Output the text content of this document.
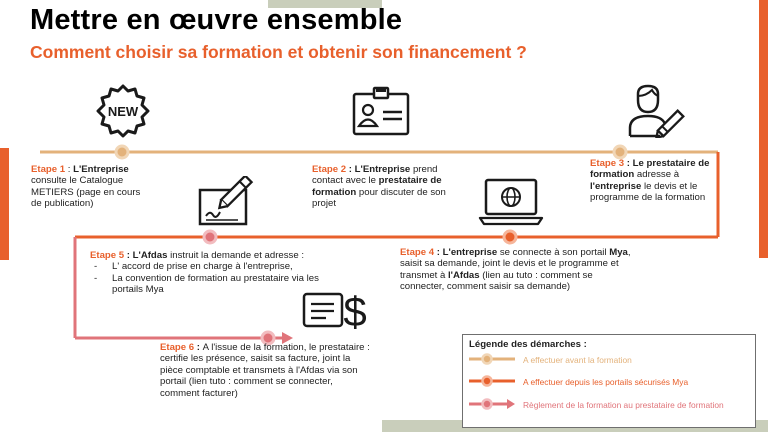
Mettre en œuvre ensemble
Comment choisir sa formation et obtenir son financement ?
NEW
$
Etape 1 : L'Entreprise consulte le Catalogue METIERS (page en cours de publication)
Etape 2 : L'Entreprise prend contact avec le prestataire de formation pour discuter de son projet
Etape 3 : Le prestataire de formation adresse à l'entreprise le devis et le programme de la formation
Etape 4 : L'entreprise se connecte à son portail Mya, saisit sa demande, joint le devis et le programme et transmet à l'Afdas (lien au tuto : comment se connecter, comment saisir sa demande)
Etape 5 : L'Afdas instruit la demande et adresse :
- L' accord de prise en charge à l'entreprise,
- La convention de formation au prestataire via les portails Mya
Etape 6 : A l'issue de la formation, le prestataire : certifie les présence, saisit sa facture, joint la pièce comptable et transmets à l'Afdas via son portail (lien tuto : comment se connecter, comment facturer)
Légende des démarches :
A effectuer avant la formation
A effectuer depuis les portails sécurisés Mya
Règlement de la formation au prestataire de formation
